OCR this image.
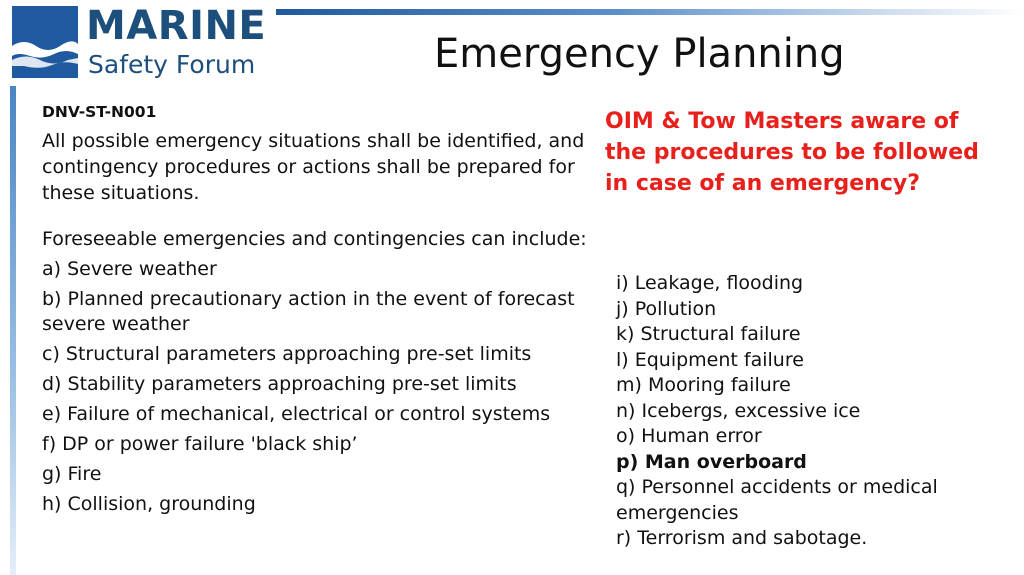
MARINE
Safety Forum	Emergency Planning
DNV-ST-N001
All possible emergency situations shall be identified, and contingency procedures or actions shall be prepared for these situations.
Foreseeable emergencies and contingencies can include:
a) Severe weather
b) Planned precautionary action in the event of forecast severe weather
c) Structural parameters approaching pre-set limits
d) Stability parameters approaching pre-set limits
e) Failure of mechanical, electrical or control systems
f) DP or power failure 'black ship’
g) Fire
h) Collision, grounding
OIM & Tow Masters aware of the procedures to be followed in case of an emergency?
i) Leakage, flooding
j) Pollution
k) Structural failure
l) Equipment failure
m) Mooring failure
n) Icebergs, excessive ice
o) Human error
p) Man overboard
q) Personnel accidents or medical emergencies
r) Terrorism and sabotage.
